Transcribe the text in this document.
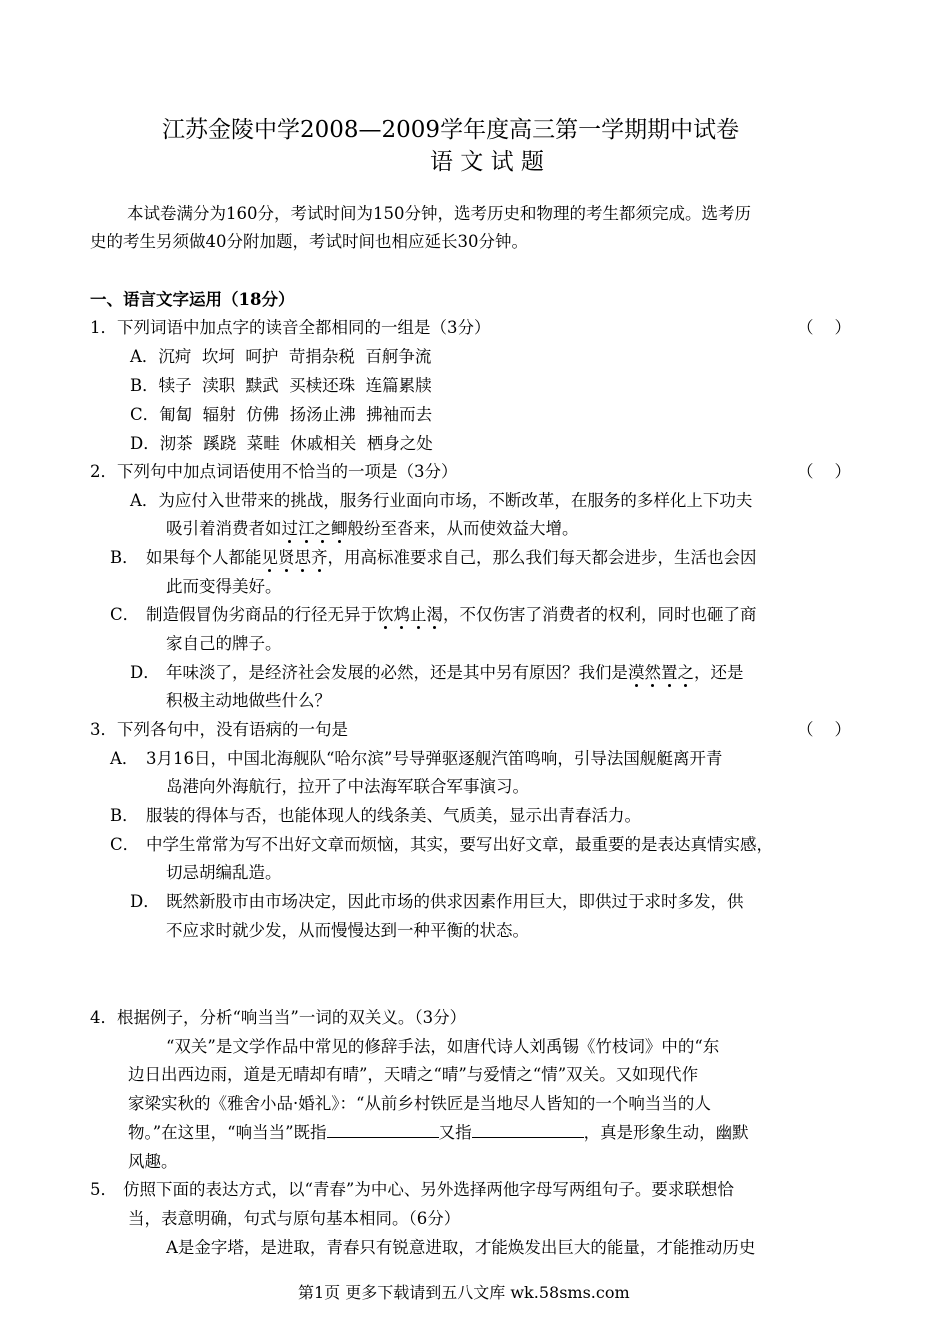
江苏金陵中学2008—2009学年度高三第一学期期中试卷
语 文 试 题
本试卷满分为160分，考试时间为150分钟，选考历史和物理的考生都须完成。选考历
史的考生另须做40分附加题，考试时间也相应延长30分钟。
一、语言文字运用（18分）
1．下列词语中加点字的读音全都相同的一组是（3分）	（    ）
A．沉疴  坎坷  呵护  苛捐杂税  百舸争流
B．犊子  渎职  黩武  买椟还珠  连篇累牍
C．匍匐  辐射  仿佛  扬汤止沸  拂袖而去
D．沏茶  蹊跷  菜畦  休戚相关  栖身之处
2．下列句中加点词语使用不恰当的一项是（3分）	（    ）
A．为应付入世带来的挑战，服务行业面向市场，不断改革，在服务的多样化上下功夫
吸引着消费者如过江之鲫般纷至沓来，从而使效益大增。
B． 如果每个人都能见贤思齐，用高标准要求自己，那么我们每天都会进步，生活也会因
此而变得美好。
C． 制造假冒伪劣商品的行径无异于饮鸩止渴，不仅伤害了消费者的权利，同时也砸了商
家自己的牌子。
D． 年味淡了，是经济社会发展的必然，还是其中另有原因？我们是漠然置之，还是
积极主动地做些什么？
3．下列各句中，没有语病的一句是	（    ）
A． 3月16日，中国北海舰队“哈尔滨”号导弹驱逐舰汽笛鸣响，引导法国舰艇离开青
岛港向外海航行，拉开了中法海军联合军事演习。
B． 服装的得体与否，也能体现人的线条美、气质美，显示出青春活力。
C． 中学生常常为写不出好文章而烦恼，其实，要写出好文章，最重要的是表达真情实感，
切忌胡编乱造。
D． 既然新股市由市场决定，因此市场的供求因素作用巨大，即供过于求时多发，供
不应求时就少发，从而慢慢达到一种平衡的状态。
4．根据例子，分析“响当当”一词的双关义。（3分）
“双关”是文学作品中常见的修辞手法，如唐代诗人刘禹锡《竹枝词》中的“东
边日出西边雨，道是无晴却有晴”，天晴之“晴”与爱情之“情”双关。又如现代作
家梁实秋的《雅舍小品·婚礼》：“从前乡村铁匠是当地尽人皆知的一个响当当的人
物。”在这里，“响当当”既指	又指	，真是形象生动，幽默
风趣。
5． 仿照下面的表达方式，以“青春”为中心、另外选择两他字母写两组句子。要求联想恰
当，表意明确，句式与原句基本相同。（6分）
A是金字塔，是进取，青春只有锐意进取，才能焕发出巨大的能量，才能推动历史
第1页 更多下载请到五八文库 wk.58sms.com
